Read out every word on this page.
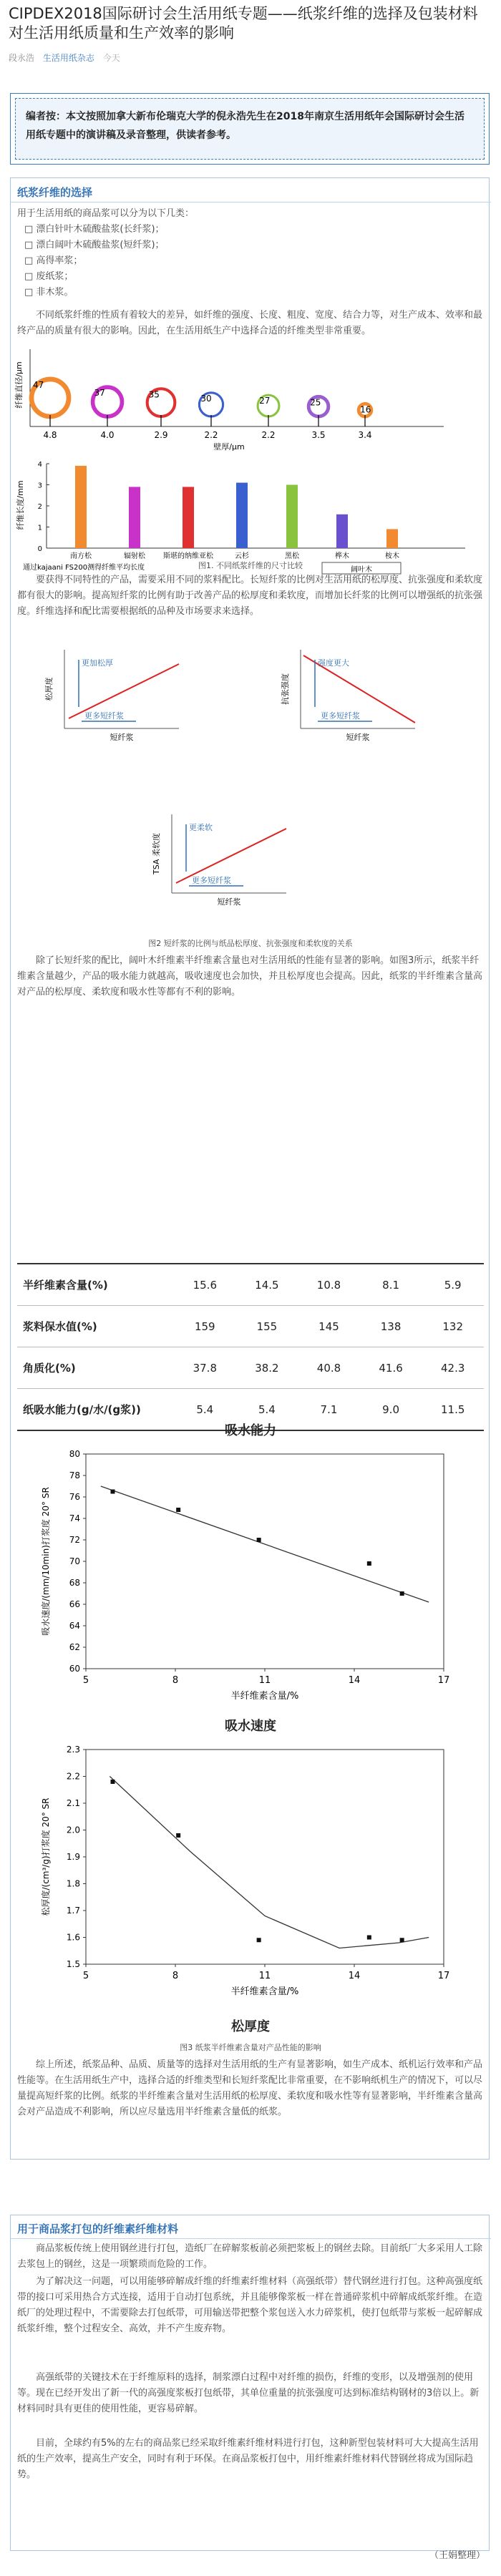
CIPDEX2018国际研讨会生活用纸专题——纸浆纤维的选择及包装材料对生活用纸质量和生产效率的影响
段永浩 生活用纸杂志 今天
编者按：本文按照加拿大新布伦瑞克大学的倪永浩先生在2018年南京生活用纸年会国际研讨会生活用纸专题中的演讲稿及录音整理，供读者参考。
纸浆纤维的选择
用于生活用纸的商品浆可以分为以下几类：
□ 漂白针叶木硫酸盐浆(长纤浆)；
□ 漂白阔叶木硫酸盐浆(短纤浆)；
□ 高得率浆；
□ 废纸浆；
□ 非木浆。
不同纸浆纤维的性质有着较大的差异，如纤维的强度、长度、粗度、宽度、结合力等，对生产成本、效率和最终产品的质量有很大的影响。因此，在生活用纸生产中选择合适的纤维类型非常重要。
纤维直径/μm 47
4.8
37
4.0
35
2.9
30
2.2
27
2.2
25
3.5
16
3.4
壁厚/μm
纤维长度/mm
0
1
2
3
4
南方松	辐射松	斯堪的纳维亚松	云杉	黑松	桦木	桉木
阔叶木
通过kajaani FS200测得纤维平均长度	图1. 不同纸浆纤维的尺寸比较
要获得不同特性的产品，需要采用不同的浆料配比。长短纤浆的比例对生活用纸的松厚度、抗张强度和柔软度都有很大的影响。提高短纤浆的比例有助于改善产品的松厚度和柔软度，而增加长纤浆的比例可以增强纸的抗张强度。纤维选择和配比需要根据纸的品种及市场要求来选择。
更加松厚
更多短纤浆
松厚度
短纤浆
强度更大
更多短纤浆
抗张强度
短纤浆
更柔软
更多短纤浆
TSA 柔软度
短纤浆
图2 短纤浆的比例与纸品松厚度、抗张强度和柔软度的关系
除了长短纤浆的配比，阔叶木纤维素半纤维素含量也对生活用纸的性能有显著的影响。如图3所示，纸浆半纤维素含量越少，产品的吸水能力就越高，吸收速度也会加快，并且松厚度也会提高。因此，纸浆的半纤维素含量高对产品的松厚度、柔软度和吸水性等都有不利的影响。
半纤维素含量(%)	15.6	14.5	10.8	8.1	5.9
浆料保水值(%)	159	155	145	138	132
角质化(%)	37.8	38.2	40.8	41.6	42.3
纸吸水能力(g/水/(g浆))	5.4	5.4	7.1	9.0	11.5
吸水能力
60
62
64
66
68
70
72
74
76
78
80
5	8	11	14	17
半纤维素含量/%
吸水速度/(mm/10min)打浆度 20° SR
吸水速度
1.5
1.6
1.7
1.8
1.9
2.0
2.1
2.2
2.3
5	8	11	14	17
半纤维素含量/%
松厚度/(cm³/g)打浆度 20° SR
松厚度
图3 纸浆半纤维素含量对产品性能的影响
综上所述，纸浆品种、品质、质量等的选择对生活用纸的生产有显著影响，如生产成本、纸机运行效率和产品性能等。在生活用纸生产中，选择合适的纤维类型和长短纤浆配比非常重要，在不影响纸机生产的情况下，可以尽量提高短纤浆的比例。纸浆的半纤维素含量对生活用纸的松厚度、柔软度和吸水性等有显著影响，半纤维素含量高会对产品造成不利影响，所以应尽量选用半纤维素含量低的纸浆。
用于商品浆打包的纤维素纤维材料
商品浆板传统上使用钢丝进行打包，造纸厂在碎解浆板前必须把浆板上的钢丝去除。目前纸厂大多采用人工除去浆包上的钢丝，这是一项繁琐而危险的工作。
为了解决这一问题，可以用能够碎解成纤维的纤维素纤维材料（高强纸带）替代钢丝进行打包。这种高强度纸带的接口可采用热合方式连接，适用于自动打包系统，并且能够像浆板一样在普通碎浆机中碎解成纸浆纤维。在造纸厂的处理过程中，不需要除去打包纸带，可用输送带把整个浆包送入水力碎浆机，使打包纸带与浆板一起碎解成纸浆纤维，整个过程安全、高效，并不产生废弃物。
高强纸带的关键技术在于纤维原料的选择，制浆漂白过程中对纤维的损伤，纤维的变形，以及增强剂的使用等。现在已经开发出了新一代的高强度浆板打包纸带，其单位重量的抗张强度可达到标准结构钢材的3倍以上。新材料同时具有更佳的使用性能，更容易碎解。
目前，全球约有5%的左右的商品浆已经采取纤维素纤维材料进行打包，这种新型包装材料可大大提高生活用纸的生产效率，提高生产安全，同时有利于环保。在商品浆板打包中，用纤维素纤维材料代替钢丝将成为国际趋势。
（王娟整理）
